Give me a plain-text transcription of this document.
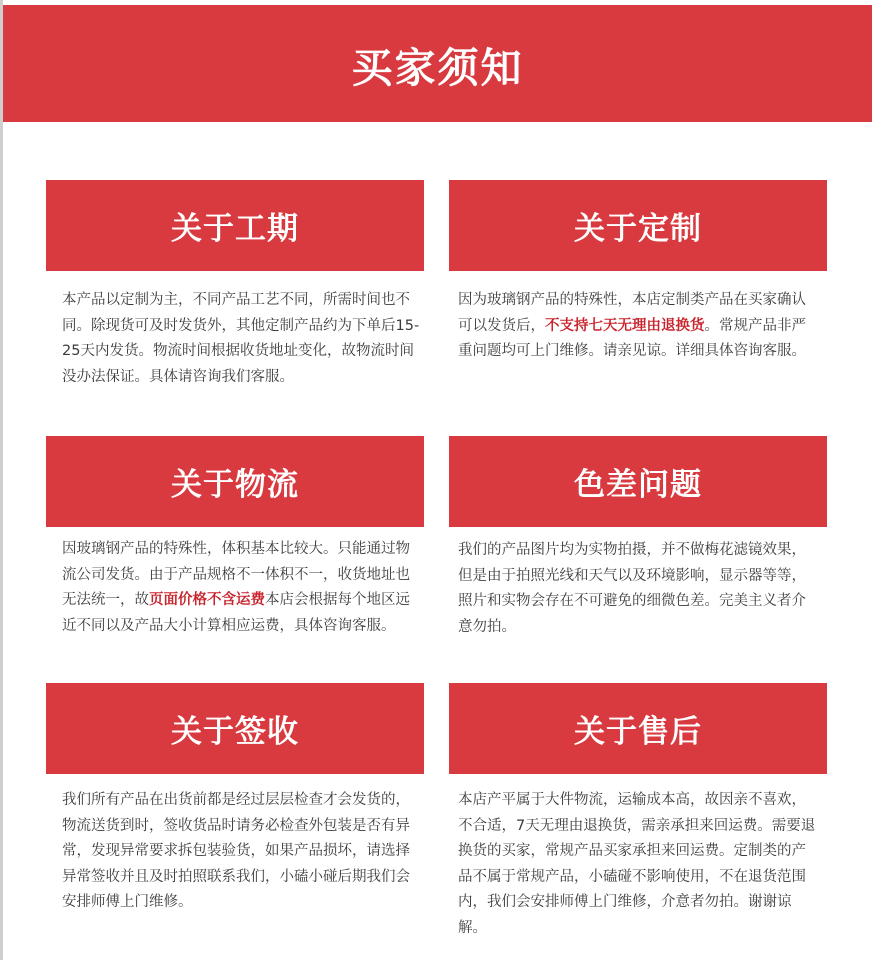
买家须知
关于工期

本产品以定制为主，不同产品工艺不同，所需时间也不同。除现货可及时发货外，其他定制产品约为下单后15-25天内发货。物流时间根据收货地址变化，故物流时间没办法保证。具体请咨询我们客服。

关于定制

因为玻璃钢产品的特殊性，本店定制类产品在买家确认可以发货后，不支持七天无理由退换货。常规产品非严重问题均可上门维修。请亲见谅。详细具体咨询客服。

关于物流

因玻璃钢产品的特殊性，体积基本比较大。只能通过物流公司发货。由于产品规格不一体积不一，收货地址也无法统一，故页面价格不含运费本店会根据每个地区远近不同以及产品大小计算相应运费，具体咨询客服。

色差问题

我们的产品图片均为实物拍摄，并不做梅花滤镜效果，但是由于拍照光线和天气以及环境影响，显示器等等，照片和实物会存在不可避免的细微色差。完美主义者介意勿拍。

关于签收

我们所有产品在出货前都是经过层层检查才会发货的，物流送货到时，签收货品时请务必检查外包装是否有异常，发现异常要求拆包装验货，如果产品损坏，请选择异常签收并且及时拍照联系我们，小磕小碰后期我们会安排师傅上门维修。

关于售后

本店产平属于大件物流，运输成本高，故因亲不喜欢，不合适，7天无理由退换货，需亲承担来回运费。需要退换货的买家，常规产品买家承担来回运费。定制类的产品不属于常规产品，小磕碰不影响使用，不在退货范围内，我们会安排师傅上门维修，介意者勿拍。谢谢谅解。
